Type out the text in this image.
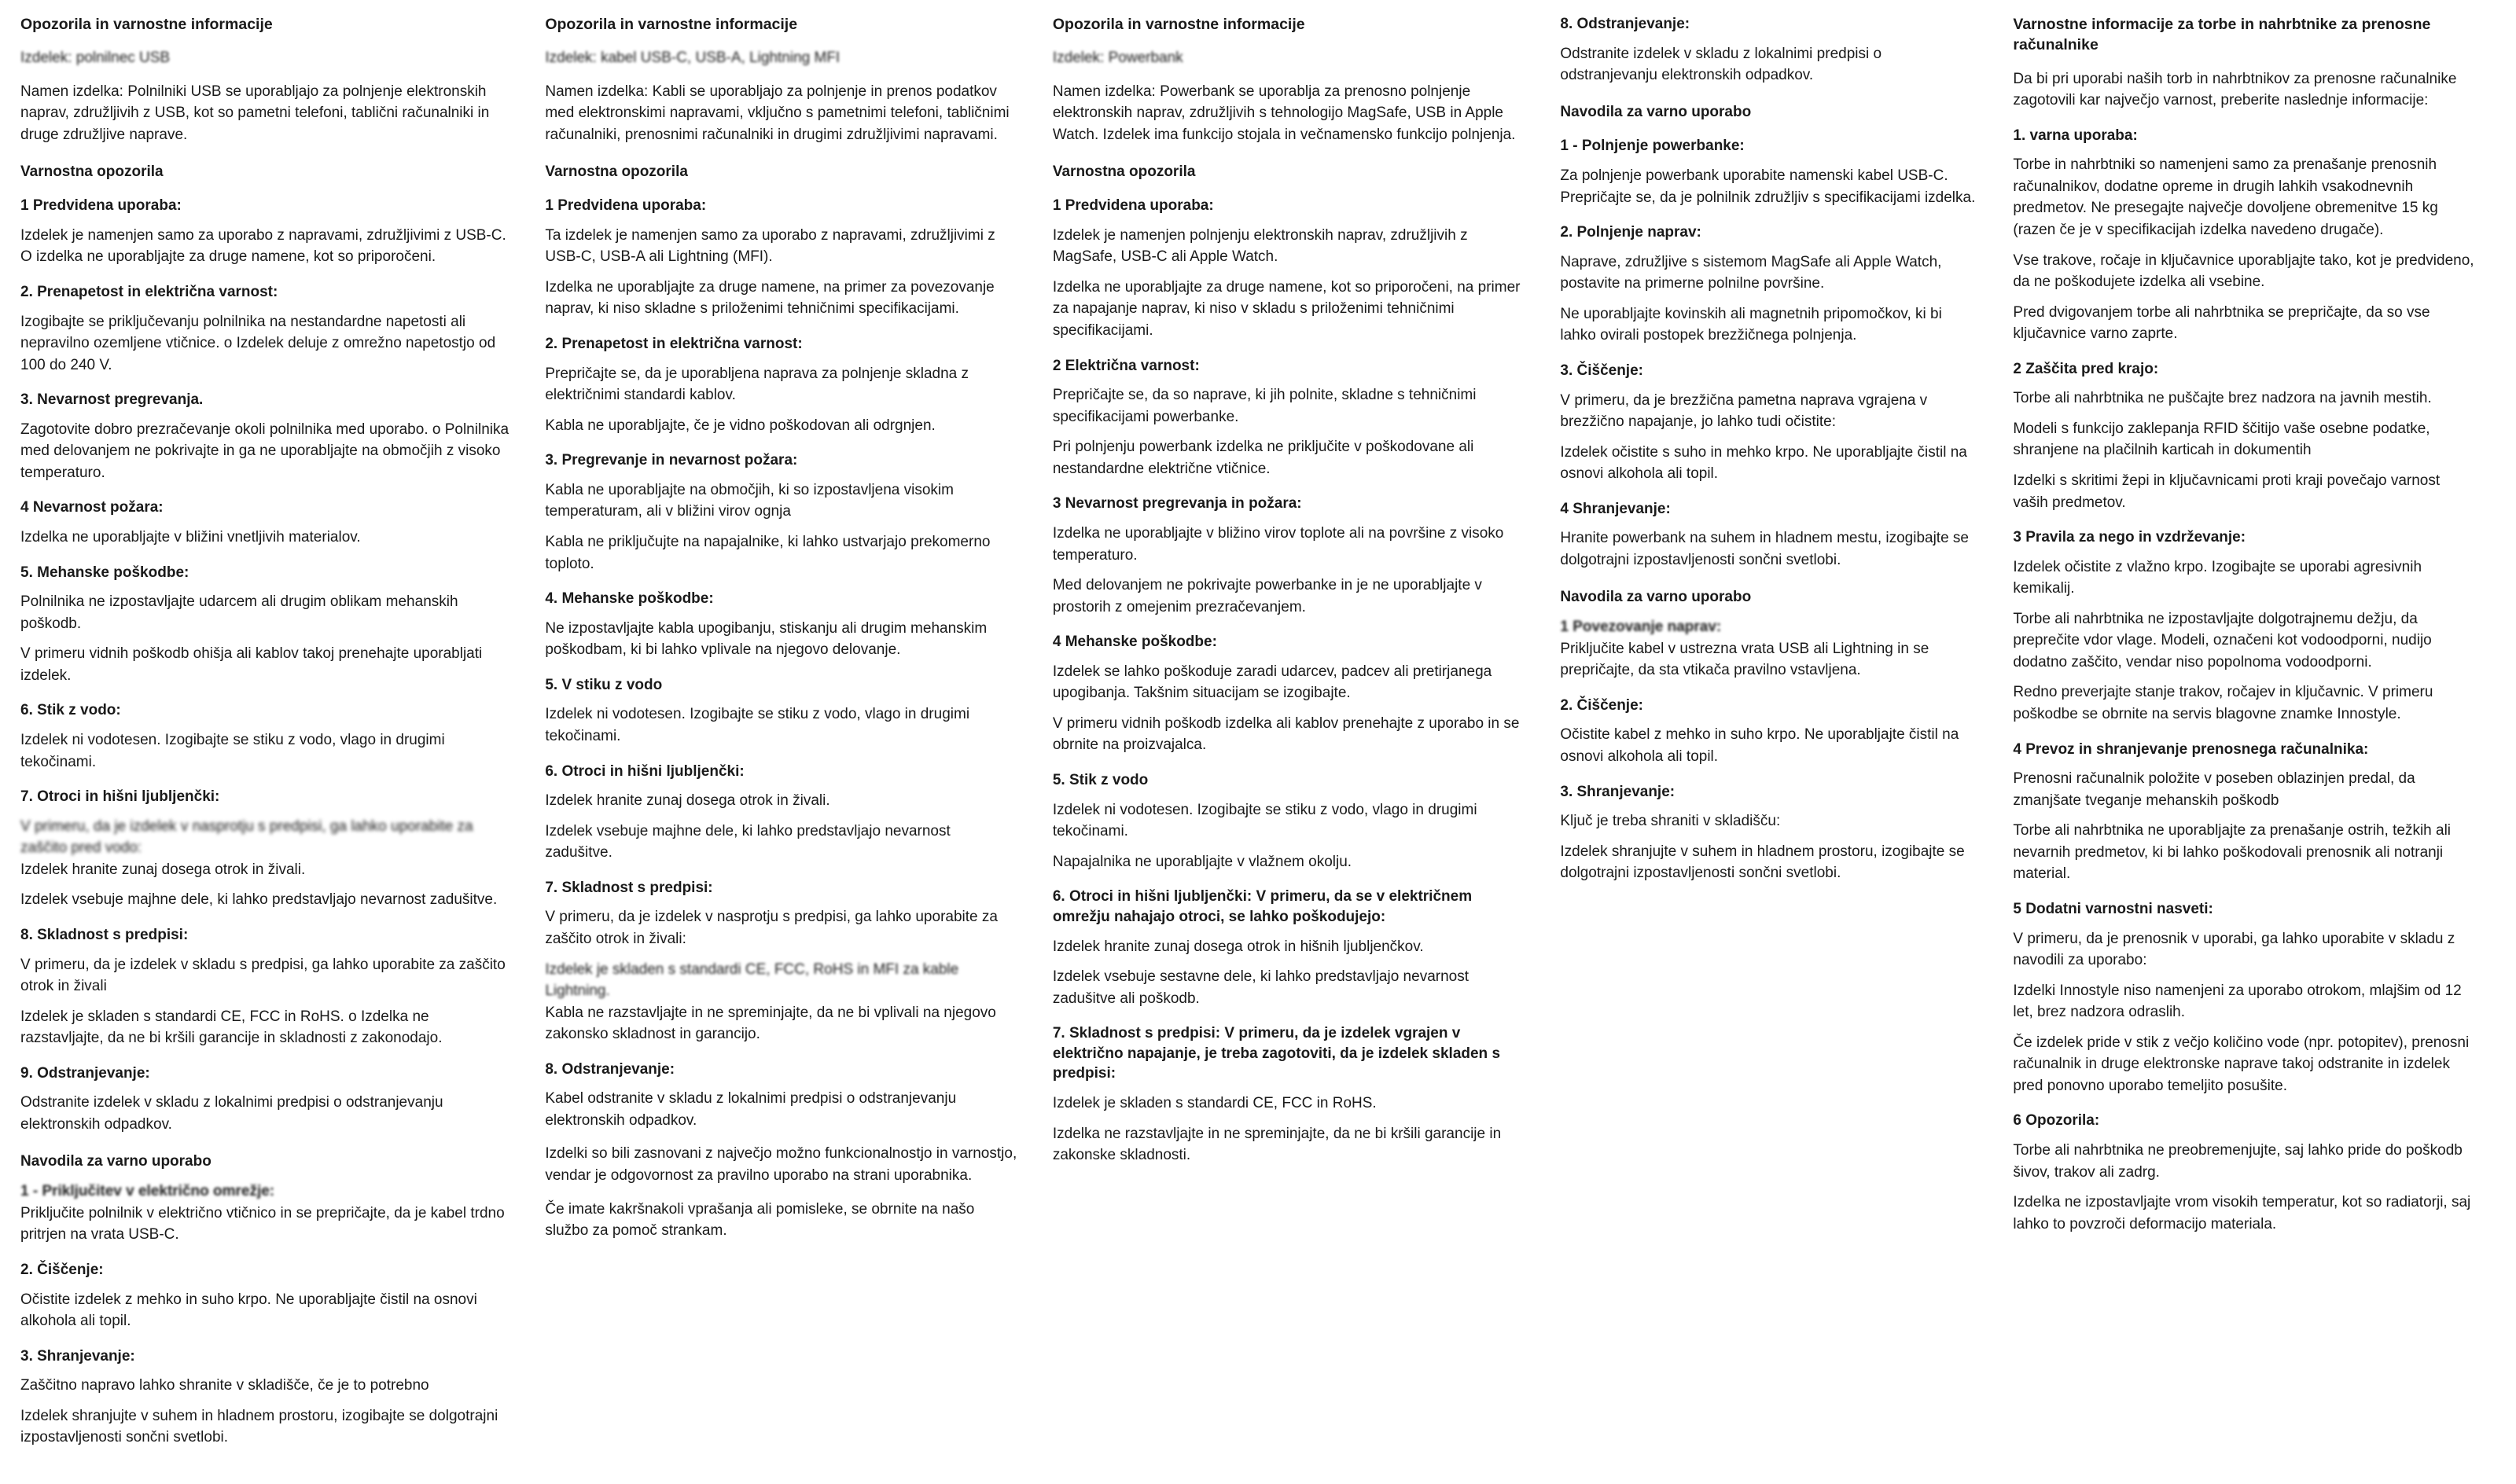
Opozorila in varnostne informacije

Izdelek: polnilnec USB

Namen izdelka: Polnilniki USB se uporabljajo za polnjenje elektronskih naprav, združljivih z USB, kot so pametni telefoni, tablični računalniki in druge združljive naprave.

Varnostna opozorila
1 Predvidena uporaba:

Izdelek je namenjen samo za uporabo z napravami, združljivimi z USB-C. O izdelka ne uporabljajte za druge namene, kot so priporočeni.

2. Prenapetost in električna varnost:

Izogibajte se priključevanju polnilnika na nestandardne napetosti ali nepravilno ozemljene vtičnice. o Izdelek deluje z omrežno napetostjo od 100 do 240 V.

3. Nevarnost pregrevanja.

Zagotovite dobro prezračevanje okoli polnilnika med uporabo. o Polnilnika med delovanjem ne pokrivajte in ga ne uporabljajte na območjih z visoko temperaturo.

4 Nevarnost požara:

Izdelka ne uporabljajte v bližini vnetljivih materialov.

5. Mehanske poškodbe:

Polnilnika ne izpostavljajte udarcem ali drugim oblikam mehanskih poškodb.

V primeru vidnih poškodb ohišja ali kablov takoj prenehajte uporabljati izdelek.

6. Stik z vodo:

Izdelek ni vodotesen. Izogibajte se stiku z vodo, vlago in drugimi tekočinami.

7. Otroci in hišni ljubljenčki:

V primeru, da je izdelek v nasprotju s predpisi, ga lahko uporabite za zaščito pred vodo:

Izdelek hranite zunaj dosega otrok in živali.

Izdelek vsebuje majhne dele, ki lahko predstavljajo nevarnost zadušitve.

8. Skladnost s predpisi:

V primeru, da je izdelek v skladu s predpisi, ga lahko uporabite za zaščito otrok in živali

Izdelek je skladen s standardi CE, FCC in RoHS. o Izdelka ne razstavljajte, da ne bi kršili garancije in skladnosti z zakonodajo.

9. Odstranjevanje:

Odstranite izdelek v skladu z lokalnimi predpisi o odstranjevanju elektronskih odpadkov.

Navodila za varno uporabo
1 - Priključitev v električno omrežje:

Priključite polnilnik v električno vtičnico in se prepričajte, da je kabel trdno pritrjen na vrata USB-C.

2. Čiščenje:

Očistite izdelek z mehko in suho krpo. Ne uporabljajte čistil na osnovi alkohola ali topil.

3. Shranjevanje:

Zaščitno napravo lahko shranite v skladišče, če je to potrebno

Izdelek shranjujte v suhem in hladnem prostoru, izogibajte se dolgotrajni izpostavljenosti sončni svetlobi.

Opozorila in varnostne informacije

Izdelek: kabel USB-C, USB-A, Lightning MFI

Namen izdelka: Kabli se uporabljajo za polnjenje in prenos podatkov med elektronskimi napravami, vključno s pametnimi telefoni, tabličnimi računalniki, prenosnimi računalniki in drugimi združljivimi napravami.

Varnostna opozorila
1 Predvidena uporaba:

Ta izdelek je namenjen samo za uporabo z napravami, združljivimi z USB-C, USB-A ali Lightning (MFI).

Izdelka ne uporabljajte za druge namene, na primer za povezovanje naprav, ki niso skladne s priloženimi tehničnimi specifikacijami.

2. Prenapetost in električna varnost:

Prepričajte se, da je uporabljena naprava za polnjenje skladna z električnimi standardi kablov.

Kabla ne uporabljajte, če je vidno poškodovan ali odrgnjen.

3. Pregrevanje in nevarnost požara:

Kabla ne uporabljajte na območjih, ki so izpostavljena visokim temperaturam, ali v bližini virov ognja

Kabla ne priključujte na napajalnike, ki lahko ustvarjajo prekomerno toploto.

4. Mehanske poškodbe:

Ne izpostavljajte kabla upogibanju, stiskanju ali drugim mehanskim poškodbam, ki bi lahko vplivale na njegovo delovanje.

5. V stiku z vodo

Izdelek ni vodotesen. Izogibajte se stiku z vodo, vlago in drugimi tekočinami.

6. Otroci in hišni ljubljenčki:

Izdelek hranite zunaj dosega otrok in živali.

Izdelek vsebuje majhne dele, ki lahko predstavljajo nevarnost zadušitve.

7. Skladnost s predpisi:

V primeru, da je izdelek v nasprotju s predpisi, ga lahko uporabite za zaščito otrok in živali:

Izdelek je skladen s standardi CE, FCC, RoHS in MFI za kable Lightning.

Kabla ne razstavljajte in ne spreminjajte, da ne bi vplivali na njegovo zakonsko skladnost in garancijo.

8. Odstranjevanje:

Kabel odstranite v skladu z lokalnimi predpisi o odstranjevanju elektronskih odpadkov.

Izdelki so bili zasnovani z največjo možno funkcionalnostjo in varnostjo, vendar je odgovornost za pravilno uporabo na strani uporabnika.

Če imate kakršnakoli vprašanja ali pomisleke, se obrnite na našo službo za pomoč strankam.

Opozorila in varnostne informacije

Izdelek: Powerbank

Namen izdelka: Powerbank se uporablja za prenosno polnjenje elektronskih naprav, združljivih s tehnologijo MagSafe, USB in Apple Watch. Izdelek ima funkcijo stojala in večnamensko funkcijo polnjenja.

Varnostna opozorila
1 Predvidena uporaba:

Izdelek je namenjen polnjenju elektronskih naprav, združljivih z MagSafe, USB-C ali Apple Watch.

Izdelka ne uporabljajte za druge namene, kot so priporočeni, na primer za napajanje naprav, ki niso v skladu s priloženimi tehničnimi specifikacijami.

2 Električna varnost:

Prepričajte se, da so naprave, ki jih polnite, skladne s tehničnimi specifikacijami powerbanke.

Pri polnjenju powerbank izdelka ne priključite v poškodovane ali nestandardne električne vtičnice.

3 Nevarnost pregrevanja in požara:

Izdelka ne uporabljajte v bližino virov toplote ali na površine z visoko temperaturo.

Med delovanjem ne pokrivajte powerbanke in je ne uporabljajte v prostorih z omejenim prezračevanjem.

4 Mehanske poškodbe:

Izdelek se lahko poškoduje zaradi udarcev, padcev ali pretirjanega upogibanja. Takšnim situacijam se izogibajte.

V primeru vidnih poškodb izdelka ali kablov prenehajte z uporabo in se obrnite na proizvajalca.

5. Stik z vodo

Izdelek ni vodotesen. Izogibajte se stiku z vodo, vlago in drugimi tekočinami.

Napajalnika ne uporabljajte v vlažnem okolju.

6. Otroci in hišni ljubljenčki: V primeru, da se v električnem omrežju nahajajo otroci, se lahko poškodujejo:

Izdelek hranite zunaj dosega otrok in hišnih ljubljenčkov.

Izdelek vsebuje sestavne dele, ki lahko predstavljajo nevarnost zadušitve ali poškodb.

7. Skladnost s predpisi: V primeru, da je izdelek vgrajen v električno napajanje, je treba zagotoviti, da je izdelek skladen s predpisi:

Izdelek je skladen s standardi CE, FCC in RoHS.

Izdelka ne razstavljajte in ne spreminjajte, da ne bi kršili garancije in zakonske skladnosti.

8. Odstranjevanje:

Odstranite izdelek v skladu z lokalnimi predpisi o odstranjevanju elektronskih odpadkov.

Navodila za varno uporabo
1 - Polnjenje powerbanke:

Za polnjenje powerbank uporabite namenski kabel USB-C. Prepričajte se, da je polnilnik združljiv s specifikacijami izdelka.

2. Polnjenje naprav:

Naprave, združljive s sistemom MagSafe ali Apple Watch, postavite na primerne polnilne površine.

Ne uporabljajte kovinskih ali magnetnih pripomočkov, ki bi lahko ovirali postopek brezžičnega polnjenja.

3. Čiščenje:

V primeru, da je brezžična pametna naprava vgrajena v brezžično napajanje, jo lahko tudi očistite:

Izdelek očistite s suho in mehko krpo. Ne uporabljajte čistil na osnovi alkohola ali topil.

4 Shranjevanje:

Hranite powerbank na suhem in hladnem mestu, izogibajte se dolgotrajni izpostavljenosti sončni svetlobi.

Navodila za varno uporabo
1 Povezovanje naprav:

Priključite kabel v ustrezna vrata USB ali Lightning in se prepričajte, da sta vtikača pravilno vstavljena.

2. Čiščenje:

Očistite kabel z mehko in suho krpo. Ne uporabljajte čistil na osnovi alkohola ali topil.

3. Shranjevanje:

Ključ je treba shraniti v skladišču:

Izdelek shranjujte v suhem in hladnem prostoru, izogibajte se dolgotrajni izpostavljenosti sončni svetlobi.

Varnostne informacije za torbe in nahrbtnike za prenosne računalnike

Da bi pri uporabi naših torb in nahrbtnikov za prenosne računalnike zagotovili kar največjo varnost, preberite naslednje informacije:

1. varna uporaba:

Torbe in nahrbtniki so namenjeni samo za prenašanje prenosnih računalnikov, dodatne opreme in drugih lahkih vsakodnevnih predmetov. Ne presegajte največje dovoljene obremenitve 15 kg (razen če je v specifikacijah izdelka navedeno drugače).

Vse trakove, ročaje in ključavnice uporabljajte tako, kot je predvideno, da ne poškodujete izdelka ali vsebine.

Pred dvigovanjem torbe ali nahrbtnika se prepričajte, da so vse ključavnice varno zaprte.

2 Zaščita pred krajo:

Torbe ali nahrbtnika ne puščajte brez nadzora na javnih mestih.

Modeli s funkcijo zaklepanja RFID ščitijo vaše osebne podatke, shranjene na plačilnih karticah in dokumentih

Izdelki s skritimi žepi in ključavnicami proti kraji povečajo varnost vaših predmetov.

3 Pravila za nego in vzdrževanje:

Izdelek očistite z vlažno krpo. Izogibajte se uporabi agresivnih kemikalij.

Torbe ali nahrbtnika ne izpostavljajte dolgotrajnemu dežju, da preprečite vdor vlage. Modeli, označeni kot vodoodporni, nudijo dodatno zaščito, vendar niso popolnoma vodoodporni.

Redno preverjajte stanje trakov, ročajev in ključavnic. V primeru poškodbe se obrnite na servis blagovne znamke Innostyle.

4 Prevoz in shranjevanje prenosnega računalnika:

Prenosni računalnik položite v poseben oblazinjen predal, da zmanjšate tveganje mehanskih poškodb

Torbe ali nahrbtnika ne uporabljajte za prenašanje ostrih, težkih ali nevarnih predmetov, ki bi lahko poškodovali prenosnik ali notranji material.

5 Dodatni varnostni nasveti:

V primeru, da je prenosnik v uporabi, ga lahko uporabite v skladu z navodili za uporabo:

Izdelki Innostyle niso namenjeni za uporabo otrokom, mlajšim od 12 let, brez nadzora odraslih.

Če izdelek pride v stik z večjo količino vode (npr. potopitev), prenosni računalnik in druge elektronske naprave takoj odstranite in izdelek pred ponovno uporabo temeljito posušite.

6 Opozorila:

Torbe ali nahrbtnika ne preobremenjujte, saj lahko pride do poškodb šivov, trakov ali zadrg.

Izdelka ne izpostavljajte vrom visokih temperatur, kot so radiatorji, saj lahko to povzroči deformacijo materiala.
